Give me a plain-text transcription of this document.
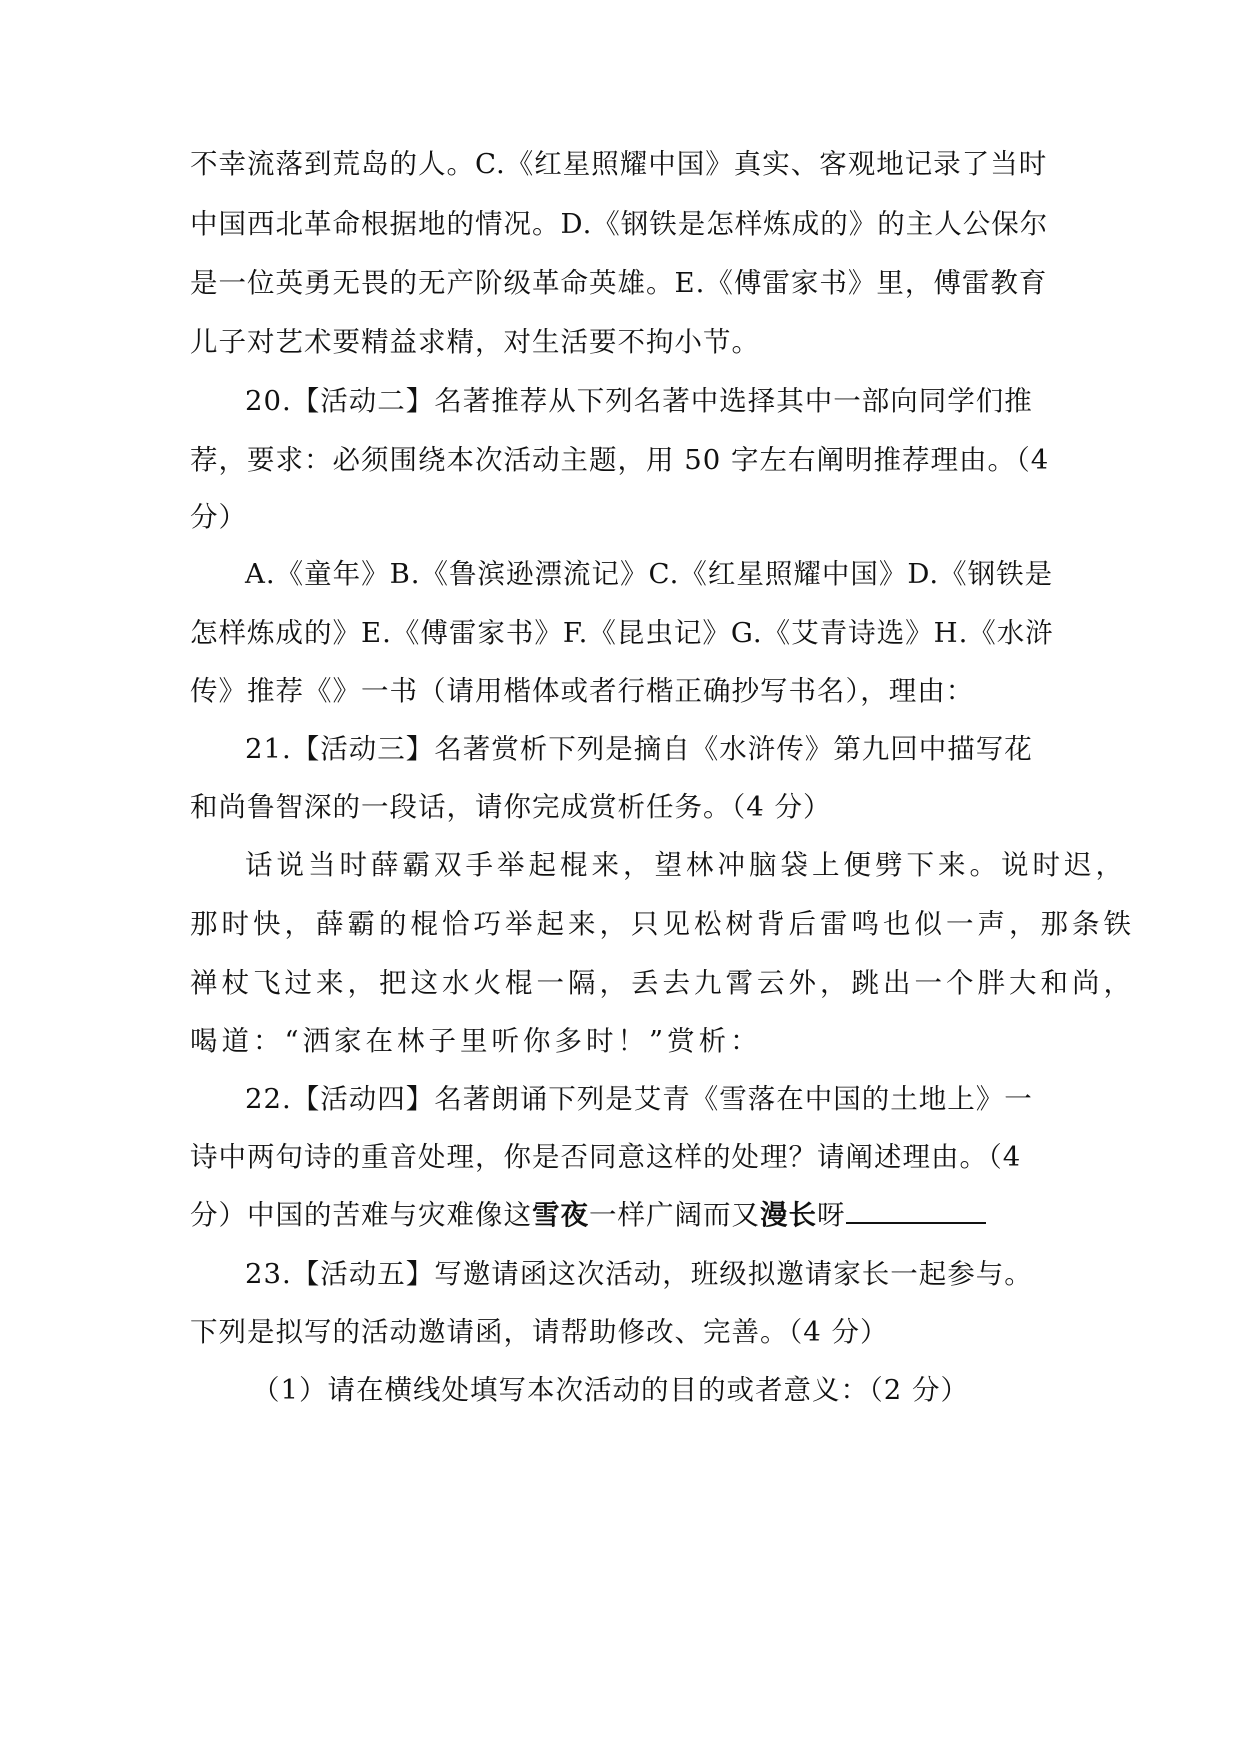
不幸流落到荒岛的人。C.《红星照耀中国》真实、客观地记录了当时
中国西北革命根据地的情况。D.《钢铁是怎样炼成的》的主人公保尔
是一位英勇无畏的无产阶级革命英雄。E.《傅雷家书》里，傅雷教育
儿子对艺术要精益求精，对生活要不拘小节。
20.【活动二】名著推荐从下列名著中选择其中一部向同学们推
荐，要求：必须围绕本次活动主题，用 50 字左右阐明推荐理由。（4
分）
A.《童年》B.《鲁滨逊漂流记》C.《红星照耀中国》D.《钢铁是
怎样炼成的》E.《傅雷家书》F.《昆虫记》G.《艾青诗选》H.《水浒
传》推荐《》一书（请用楷体或者行楷正确抄写书名），理由：
21.【活动三】名著赏析下列是摘自《水浒传》第九回中描写花
和尚鲁智深的一段话，请你完成赏析任务。（4 分）
话说当时薛霸双手举起棍来，望林冲脑袋上便劈下来。说时迟，
那时快，薛霸的棍恰巧举起来，只见松树背后雷鸣也似一声，那条铁
禅杖飞过来，把这水火棍一隔，丢去九霄云外，跳出一个胖大和尚，
喝道：“洒家在林子里听你多时！”赏析：
22.【活动四】名著朗诵下列是艾青《雪落在中国的土地上》一
诗中两句诗的重音处理，你是否同意这样的处理？请阐述理由。（4
分）中国的苦难与灾难像这雪夜一样广阔而又漫长呀
23.【活动五】写邀请函这次活动，班级拟邀请家长一起参与。
下列是拟写的活动邀请函，请帮助修改、完善。（4 分）
（1）请在横线处填写本次活动的目的或者意义：（2 分）
